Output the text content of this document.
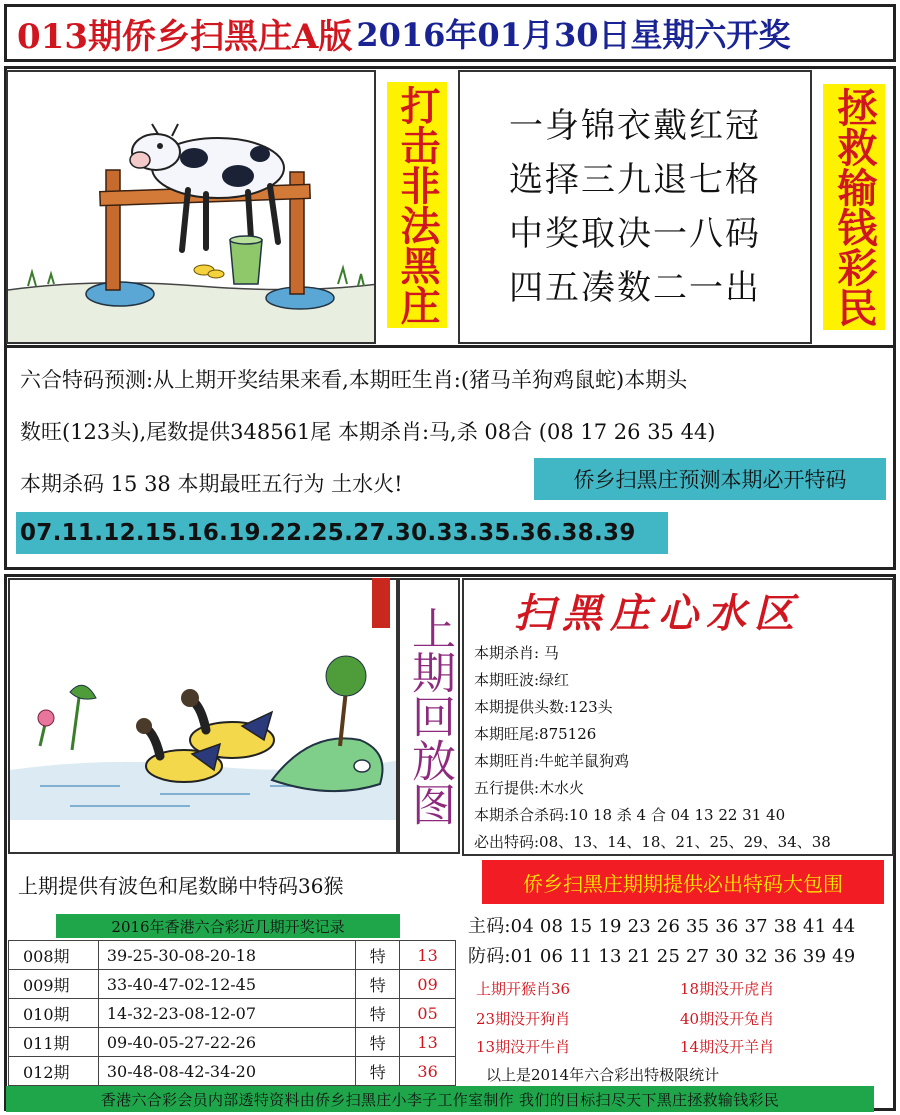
013期侨乡扫黑庄A版 2016年01月30日星期六开奖
打击非法黑庄 一身锦衣戴红冠
选择三九退七格
中奖取决一八码
四五凑数二一出 拯救输钱彩民
六合特码预测:从上期开奖结果来看,本期旺生肖:(猪马羊狗鸡鼠蛇)本期头
数旺(123头),尾数提供348561尾 本期杀肖:马,杀 08合 (08 17 26 35 44)
本期杀码 15 38 本期最旺五行为 土水火!	侨乡扫黑庄预测本期必开特码
07.11.12.15.16.19.22.25.27.30.33.35.36.38.39
上期回放图 扫黑庄心水区
本期杀肖: 马
本期旺波:绿红
本期提供头数:123头
本期旺尾:875126
本期旺肖:牛蛇羊鼠狗鸡
五行提供:木水火
本期杀合杀码:10 18 杀 4 合 04 13 22 31 40
必出特码:08、13、14、18、21、25、29、34、38
上期提供有波色和尾数睇中特码36猴	侨乡扫黑庄期期提供必出特码大包围
2016年香港六合彩近几期开奖记录
008期	39-25-30-08-20-18	特	13
009期	33-40-47-02-12-45	特	09
010期	14-32-23-08-12-07	特	05
011期	09-40-05-27-22-26	特	13
012期	30-48-08-42-34-20	特	36
主码:04 08 15 19 23 26 35 36 37 38 41 44
防码:01 06 11 13 21 25 27 30 32 36 39 49
上期开猴肖36	18期没开虎肖
23期没开狗肖	40期没开兔肖
13期没开牛肖	14期没开羊肖
以上是2014年六合彩出特极限统计
香港六合彩会员内部透特资料由侨乡扫黑庄小李子工作室制作 我们的目标扫尽天下黑庄拯救输钱彩民
